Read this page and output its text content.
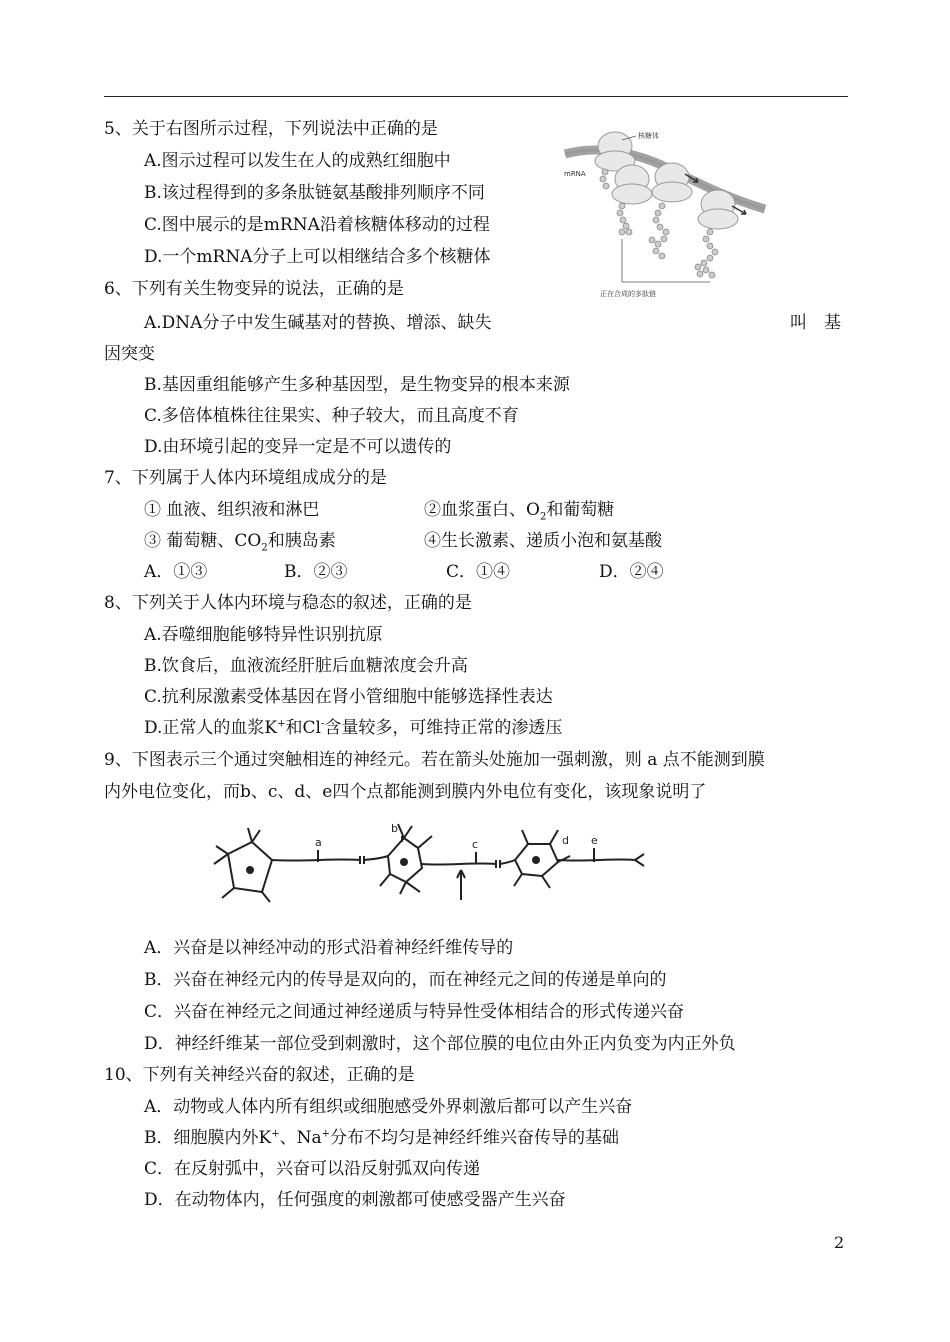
5、关于右图所示过程，下列说法中正确的是
A.图示过程可以发生在人的成熟红细胞中
B.该过程得到的多条肽链氨基酸排列顺序不同
C.图中展示的是mRNA沿着核糖体移动的过程
D.一个mRNA分子上可以相继结合多个核糖体
核糖体
mRNA
正在合成的多肽链
6、下列有关生物变异的说法，正确的是
A.DNA分子中发生碱基对的替换、增添、缺失	叫　基
因突变
B.基因重组能够产生多种基因型，是生物变异的根本来源
C.多倍体植株往往果实、种子较大，而且高度不育
D.由环境引起的变异一定是不可以遗传的
7、下列属于人体内环境组成成分的是
① 血液、组织液和淋巴	②血浆蛋白、$O_2$和葡萄糖
③ 葡萄糖、$CO_2$和胰岛素	④生长激素、递质小泡和氨基酸
A．①③	B．②③	C．①④	D．②④
8、下列关于人体内环境与稳态的叙述，正确的是
A.吞噬细胞能够特异性识别抗原
B.饮食后，血液流经肝脏后血糖浓度会升高
C.抗利尿激素受体基因在肾小管细胞中能够选择性表达
D.正常人的血浆K+和Cl-含量较多，可维持正常的渗透压
9、下图表示三个通过突触相连的神经元。若在箭头处施加一强刺激，则 a 点不能测到膜
内外电位变化，而b、c、d、e四个点都能测到膜内外电位有变化，该现象说明了
a
b
c	d e
A．兴奋是以神经冲动的形式沿着神经纤维传导的
B．兴奋在神经元内的传导是双向的，而在神经元之间的传递是单向的
C．兴奋在神经元之间通过神经递质与特异性受体相结合的形式传递兴奋
D．神经纤维某一部位受到刺激时，这个部位膜的电位由外正内负变为内正外负
10、下列有关神经兴奋的叙述，正确的是
A．动物或人体内所有组织或细胞感受外界刺激后都可以产生兴奋
B．细胞膜内外K+、Na+分布不均匀是神经纤维兴奋传导的基础
C．在反射弧中，兴奋可以沿反射弧双向传递
D．在动物体内，任何强度的刺激都可使感受器产生兴奋
2
